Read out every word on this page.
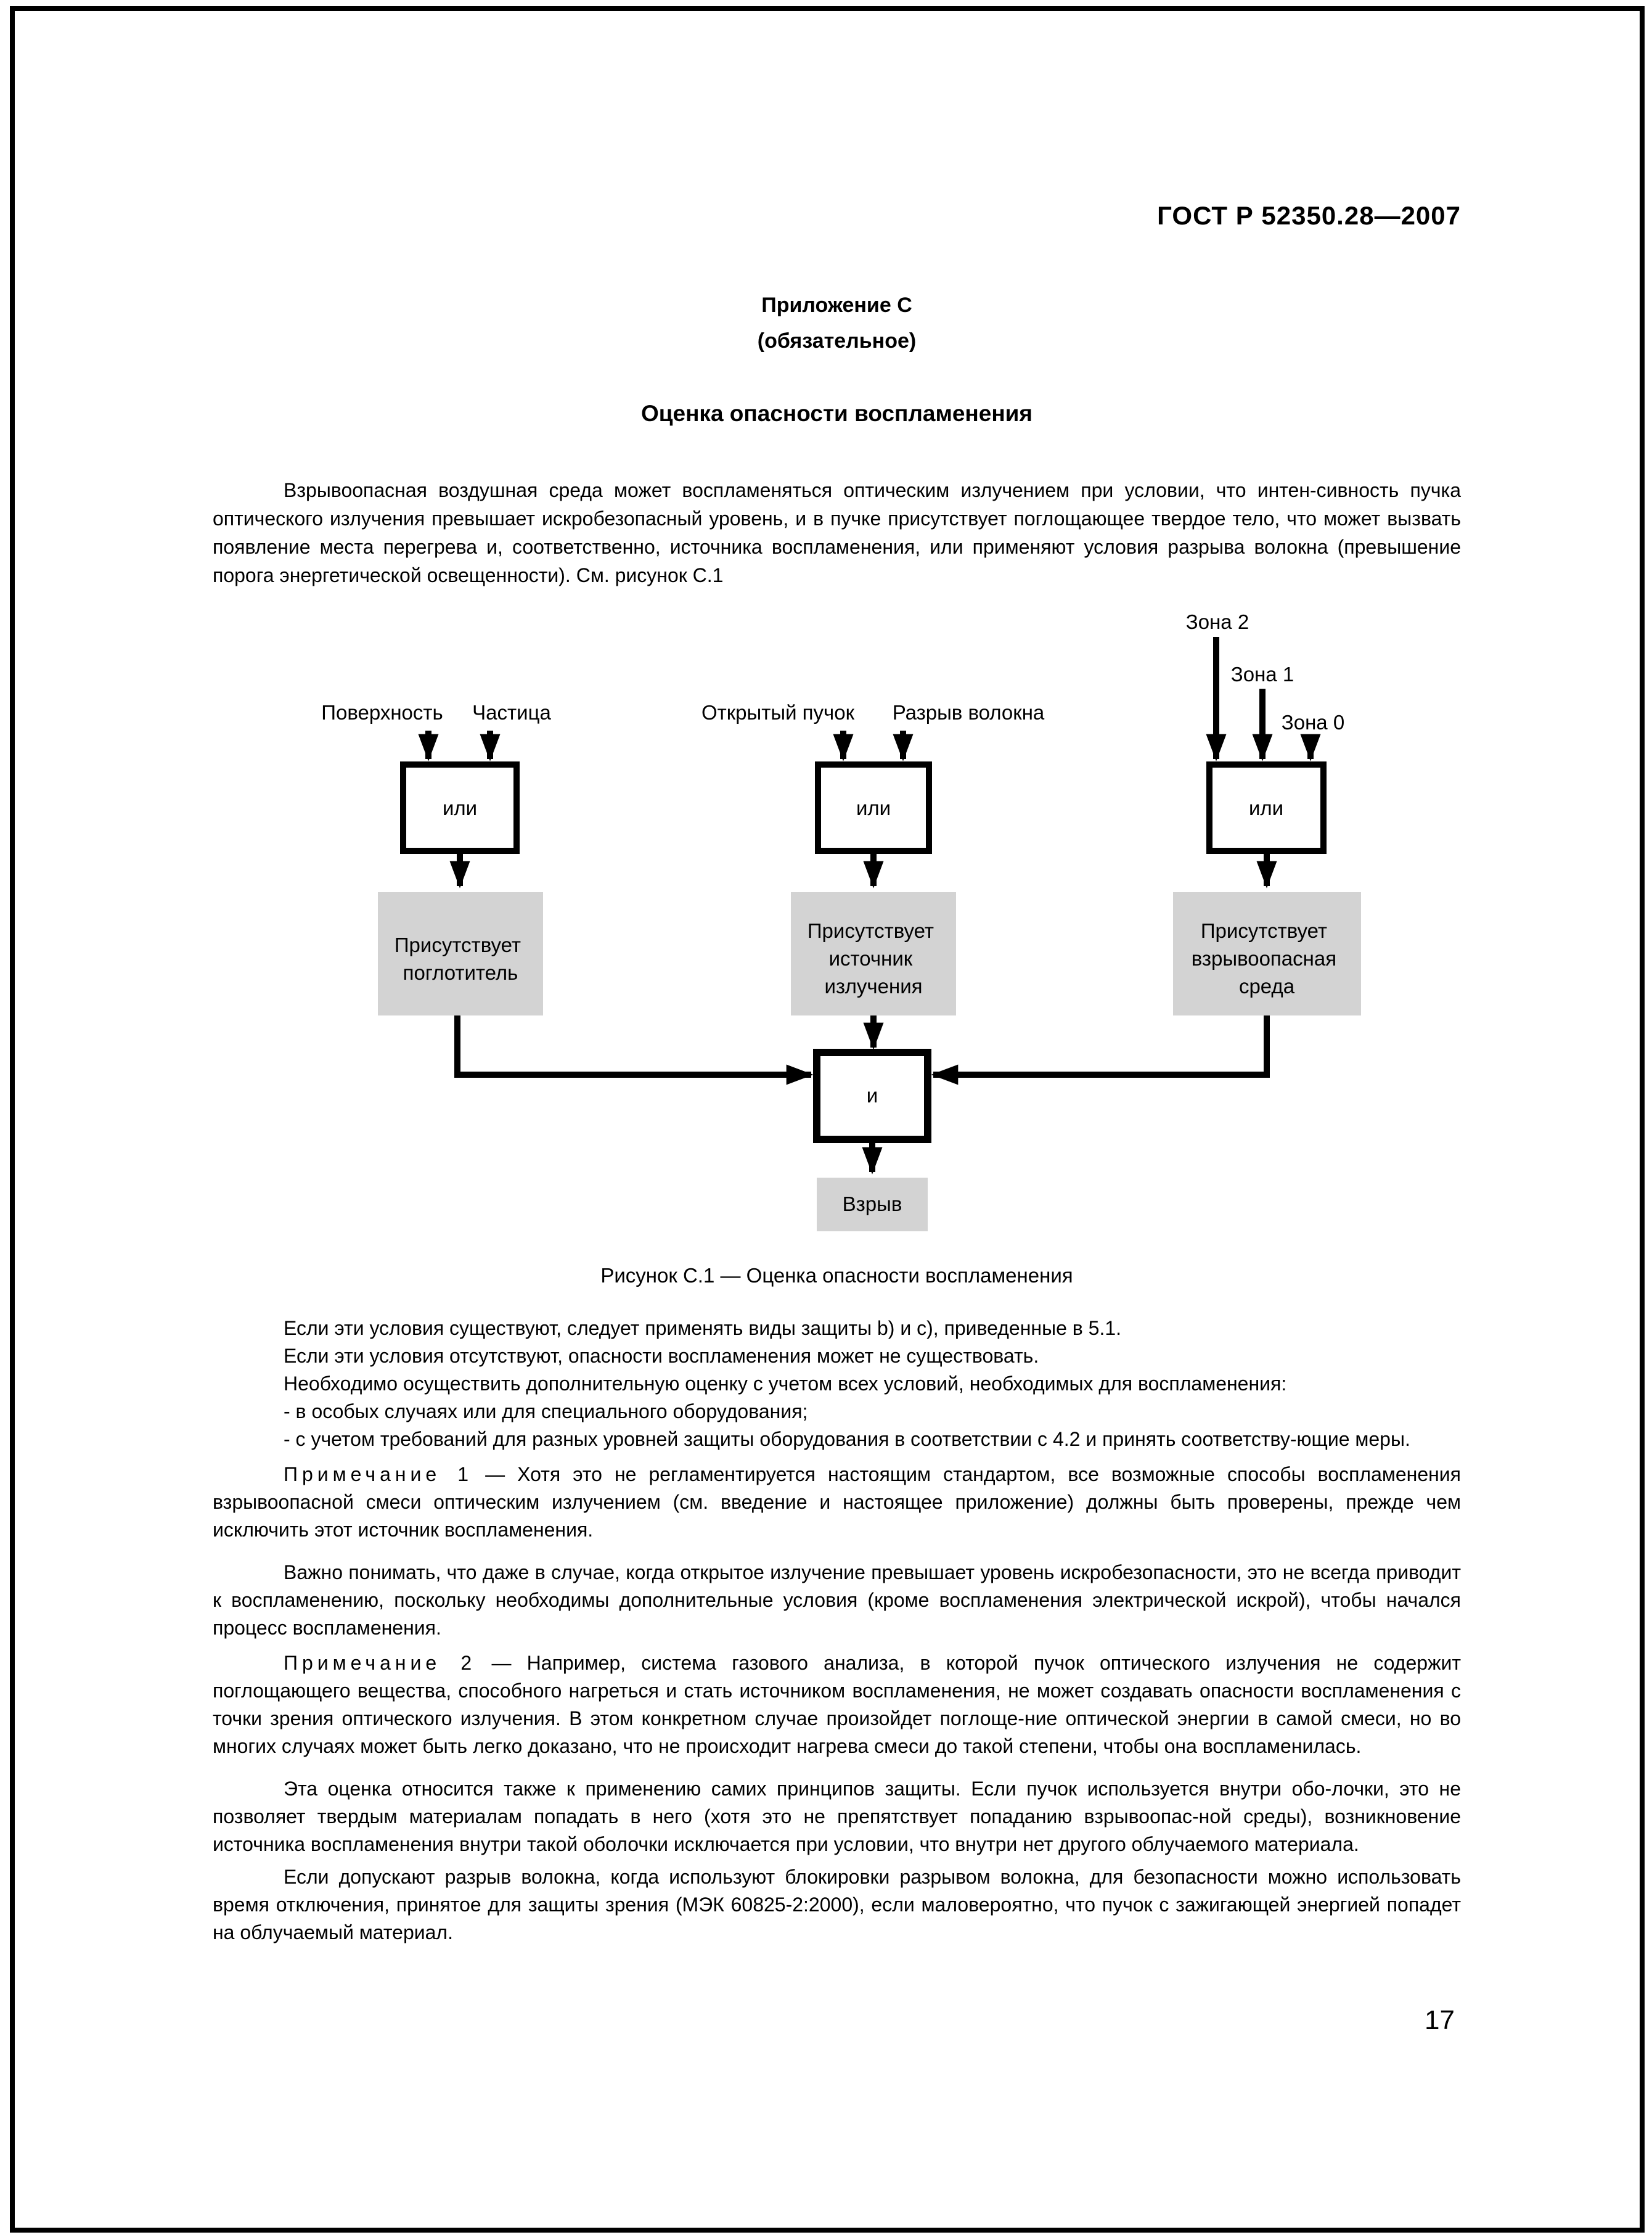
ГОСТ Р 52350.28—2007
Приложение С
(обязательное)
Оценка опасности воспламенения
Взрывоопасная воздушная среда может воспламеняться оптическим излучением при условии, что интен-сивность пучка оптического излучения превышает искробезопасный уровень, и в пучке присутствует поглощающее твердое тело, что может вызвать появление места перегрева и, соответственно, источника воспламенения, или применяют условия разрыва волокна (превышение порога энергетической освещенности). См. рисунок С.1
Зона 2
Зона 1
Зона 0
Поверхность Частица	Открытый пучок Разрыв волокна
или	или	или
Присутствует поглотитель
Присутствует источник излучения
Присутствует взрывоопасная среда
и
Взрыв
Рисунок С.1 — Оценка опасности воспламенения

Если эти условия существуют, следует применять виды защиты b) и c), приведенные в 5.1.

Если эти условия отсутствуют, опасности воспламенения может не существовать.

Необходимо осуществить дополнительную оценку с учетом всех условий, необходимых для воспламенения:

- в особых случаях или для специального оборудования;

- с учетом требований для разных уровней защиты оборудования в соответствии с 4.2 и принять соответству-ющие меры.

Примечание 1 — Хотя это не регламентируется настоящим стандартом, все возможные способы воспламенения взрывоопасной смеси оптическим излучением (см. введение и настоящее приложение) должны быть проверены, прежде чем исключить этот источник воспламенения.

Важно понимать, что даже в случае, когда открытое излучение превышает уровень искробезопасности, это не всегда приводит к воспламенению, поскольку необходимы дополнительные условия (кроме воспламенения электрической искрой), чтобы начался процесс воспламенения.

Примечание 2 — Например, система газового анализа, в которой пучок оптического излучения не содержит поглощающего вещества, способного нагреться и стать источником воспламенения, не может создавать опасности воспламенения с точки зрения оптического излучения. В этом конкретном случае произойдет поглоще-ние оптической энергии в самой смеси, но во многих случаях может быть легко доказано, что не происходит нагрева смеси до такой степени, чтобы она воспламенилась.

Эта оценка относится также к применению самих принципов защиты. Если пучок используется внутри обо-лочки, это не позволяет твердым материалам попадать в него (хотя это не препятствует попаданию взрывоопас-ной среды), возникновение источника воспламенения внутри такой оболочки исключается при условии, что внутри нет другого облучаемого материала.

Если допускают разрыв волокна, когда используют блокировки разрывом волокна, для безопасности можно использовать время отключения, принятое для защиты зрения (МЭК 60825-2:2000), если маловероятно, что пучок с зажигающей энергией попадет на облучаемый материал.

17
